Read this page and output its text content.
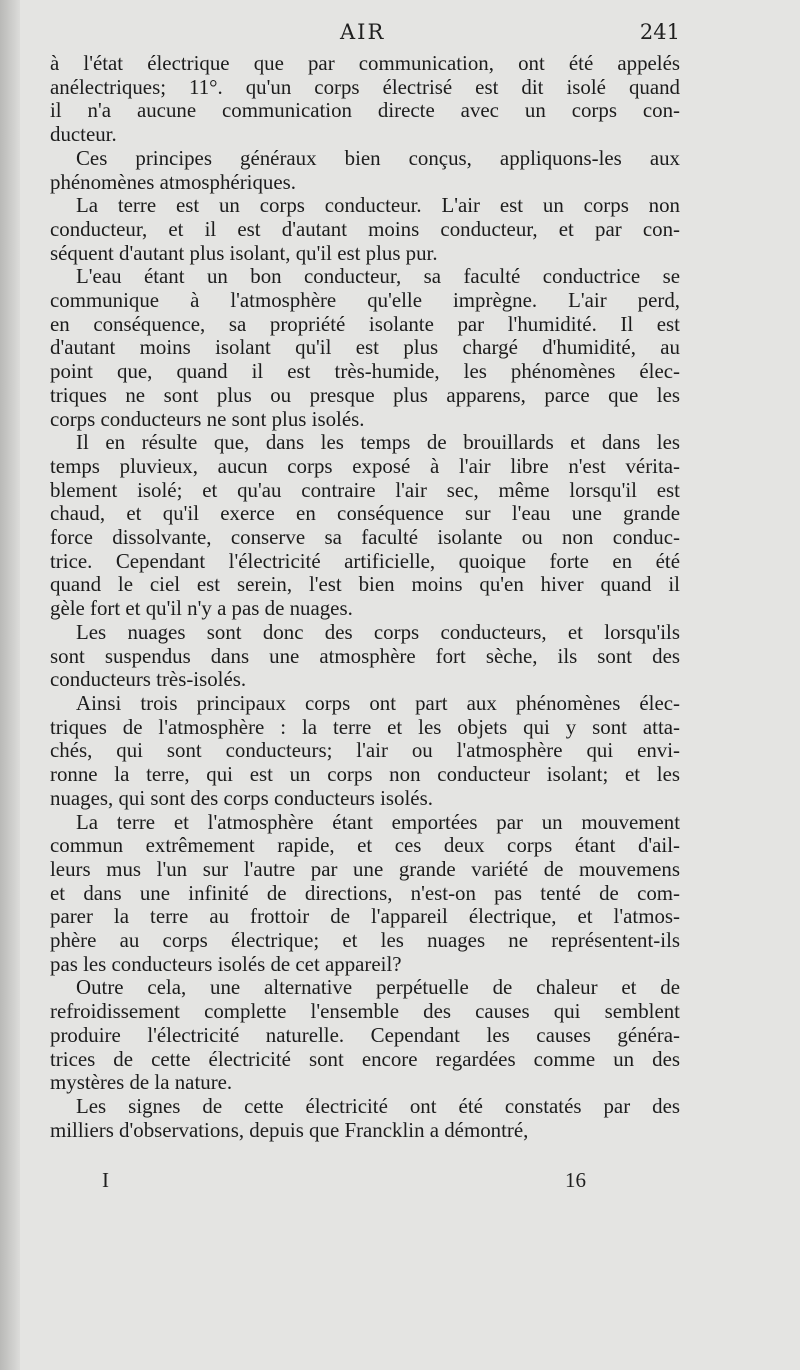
AIR	241
à l'état électrique que par communication, ont été appelés
anélectriques; 11°. qu'un corps électrisé est dit isolé quand
il n'a aucune communication directe avec un corps con-
ducteur.
Ces principes généraux bien conçus, appliquons-les aux
phénomènes atmosphériques.
La terre est un corps conducteur. L'air est un corps non
conducteur, et il est d'autant moins conducteur, et par con-
séquent d'autant plus isolant, qu'il est plus pur.
L'eau étant un bon conducteur, sa faculté conductrice se
communique à l'atmosphère qu'elle imprègne. L'air perd,
en conséquence, sa propriété isolante par l'humidité. Il est
d'autant moins isolant qu'il est plus chargé d'humidité, au
point que, quand il est très-humide, les phénomènes élec-
triques ne sont plus ou presque plus apparens, parce que les
corps conducteurs ne sont plus isolés.
Il en résulte que, dans les temps de brouillards et dans les
temps pluvieux, aucun corps exposé à l'air libre n'est vérita-
blement isolé; et qu'au contraire l'air sec, même lorsqu'il est
chaud, et qu'il exerce en conséquence sur l'eau une grande
force dissolvante, conserve sa faculté isolante ou non conduc-
trice. Cependant l'électricité artificielle, quoique forte en été
quand le ciel est serein, l'est bien moins qu'en hiver quand il
gèle fort et qu'il n'y a pas de nuages.
Les nuages sont donc des corps conducteurs, et lorsqu'ils
sont suspendus dans une atmosphère fort sèche, ils sont des
conducteurs très-isolés.
Ainsi trois principaux corps ont part aux phénomènes élec-
triques de l'atmosphère : la terre et les objets qui y sont atta-
chés, qui sont conducteurs; l'air ou l'atmosphère qui envi-
ronne la terre, qui est un corps non conducteur isolant; et les
nuages, qui sont des corps conducteurs isolés.
La terre et l'atmosphère étant emportées par un mouvement
commun extrêmement rapide, et ces deux corps étant d'ail-
leurs mus l'un sur l'autre par une grande variété de mouvemens
et dans une infinité de directions, n'est-on pas tenté de com-
parer la terre au frottoir de l'appareil électrique, et l'atmos-
phère au corps électrique; et les nuages ne représentent-ils
pas les conducteurs isolés de cet appareil?
Outre cela, une alternative perpétuelle de chaleur et de
refroidissement complette l'ensemble des causes qui semblent
produire l'électricité naturelle. Cependant les causes généra-
trices de cette électricité sont encore regardées comme un des
mystères de la nature.
Les signes de cette électricité ont été constatés par des
milliers d'observations, depuis que Francklin a démontré,
I	16
